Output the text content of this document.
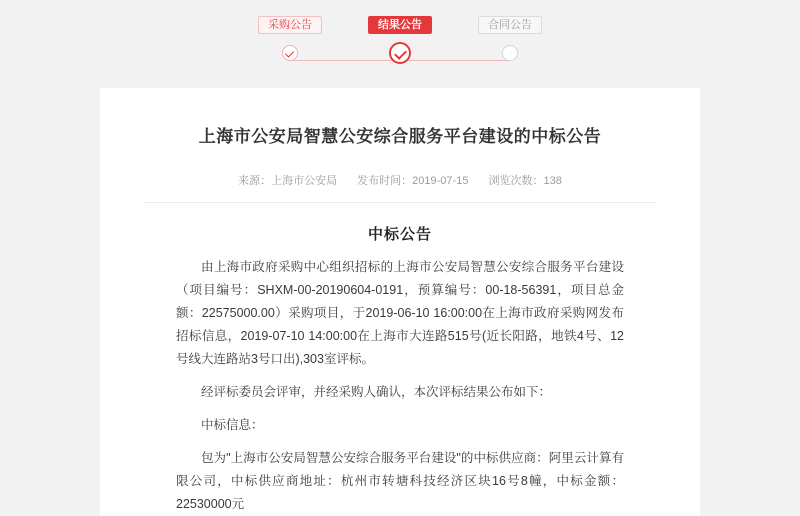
采购公告	结果公告	合同公告
上海市公安局智慧公安综合服务平台建设的中标公告
来源：上海市公安局 发布时间：2019-07-15 浏览次数：138
中标公告

由上海市政府采购中心组织招标的上海市公安局智慧公安综合服务平台建设（项目编号：SHXM-00-20190604-0191，预算编号：00-18-56391，项目总金额：22575000.00）采购项目，于2019-06-10 16:00:00在上海市政府采购网发布招标信息，2019-07-10 14:00:00在上海市大连路515号(近长阳路，地铁4号、12号线大连路站3号口出),303室评标。

经评标委员会评审，并经采购人确认，本次评标结果公布如下：

中标信息：

包为"上海市公安局智慧公安综合服务平台建设"的中标供应商：阿里云计算有限公司，中标供应商地址：杭州市转塘科技经济区块16号8幢，中标金额：22530000元
